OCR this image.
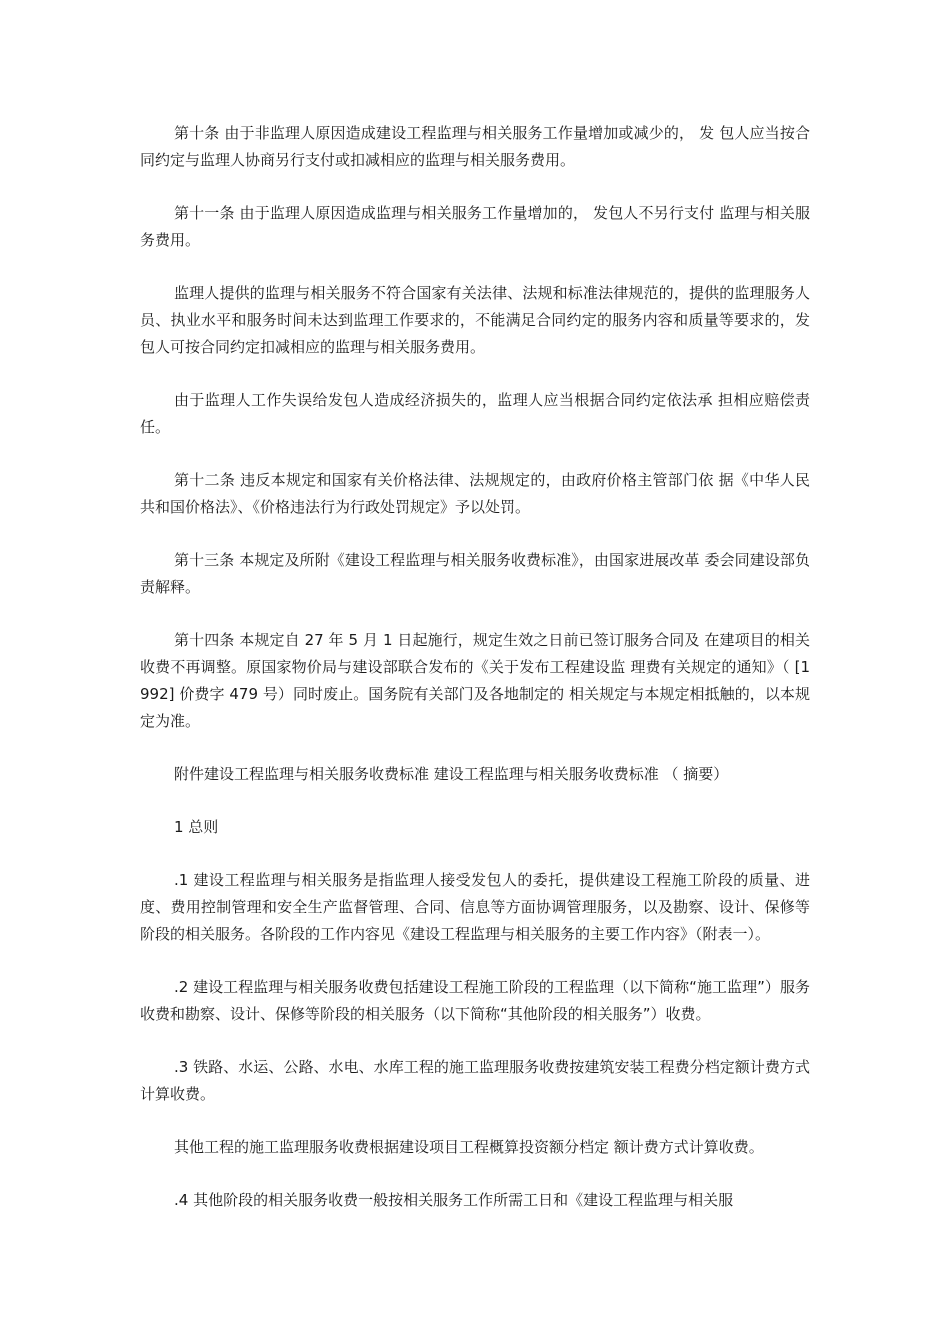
第十条 由于非监理人原因造成建设工程监理与相关服务工作量增加或减少的， 发 包人应当按合同约定与监理人协商另行支付或扣减相应的监理与相关服务费用。

第十一条 由于监理人原因造成监理与相关服务工作量增加的， 发包人不另行支付 监理与相关服务费用。

监理人提供的监理与相关服务不符合国家有关法律、法规和标准法律规范的，提供的监理服务人员、执业水平和服务时间未达到监理工作要求的，不能满足合同约定的服务内容和质量等要求的，发包人可按合同约定扣减相应的监理与相关服务费用。

由于监理人工作失误给发包人造成经济损失的，监理人应当根据合同约定依法承 担相应赔偿责任。

第十二条 违反本规定和国家有关价格法律、法规规定的，由政府价格主管部门依 据《中华人民共和国价格法》、《价格违法行为行政处罚规定》予以处罚。

第十三条 本规定及所附《建设工程监理与相关服务收费标准》，由国家进展改革 委会同建设部负责解释。

第十四条 本规定自 27 年 5 月 1 日起施行，规定生效之日前已签订服务合同及 在建项目的相关收费不再调整。原国家物价局与建设部联合发布的《关于发布工程建设监 理费有关规定的通知》（ [1992] 价费字 479 号）同时废止。国务院有关部门及各地制定的 相关规定与本规定相抵触的，以本规定为准。

附件建设工程监理与相关服务收费标准 建设工程监理与相关服务收费标准 （ 摘要）

1 总则

.1 建设工程监理与相关服务是指监理人接受发包人的委托，提供建设工程施工阶段的质量、进度、费用控制管理和安全生产监督管理、合同、信息等方面协调管理服务，以及勘察、设计、保修等阶段的相关服务。各阶段的工作内容见《建设工程监理与相关服务的主要工作内容》（附表一）。

.2 建设工程监理与相关服务收费包括建设工程施工阶段的工程监理（以下简称“施工监理”）服务收费和勘察、设计、保修等阶段的相关服务（以下简称“其他阶段的相关服务”）收费。

.3 铁路、水运、公路、水电、水库工程的施工监理服务收费按建筑安装工程费分档定额计费方式计算收费。

其他工程的施工监理服务收费根据建设项目工程概算投资额分档定 额计费方式计算收费。

.4 其他阶段的相关服务收费一般按相关服务工作所需工日和《建设工程监理与相关服
